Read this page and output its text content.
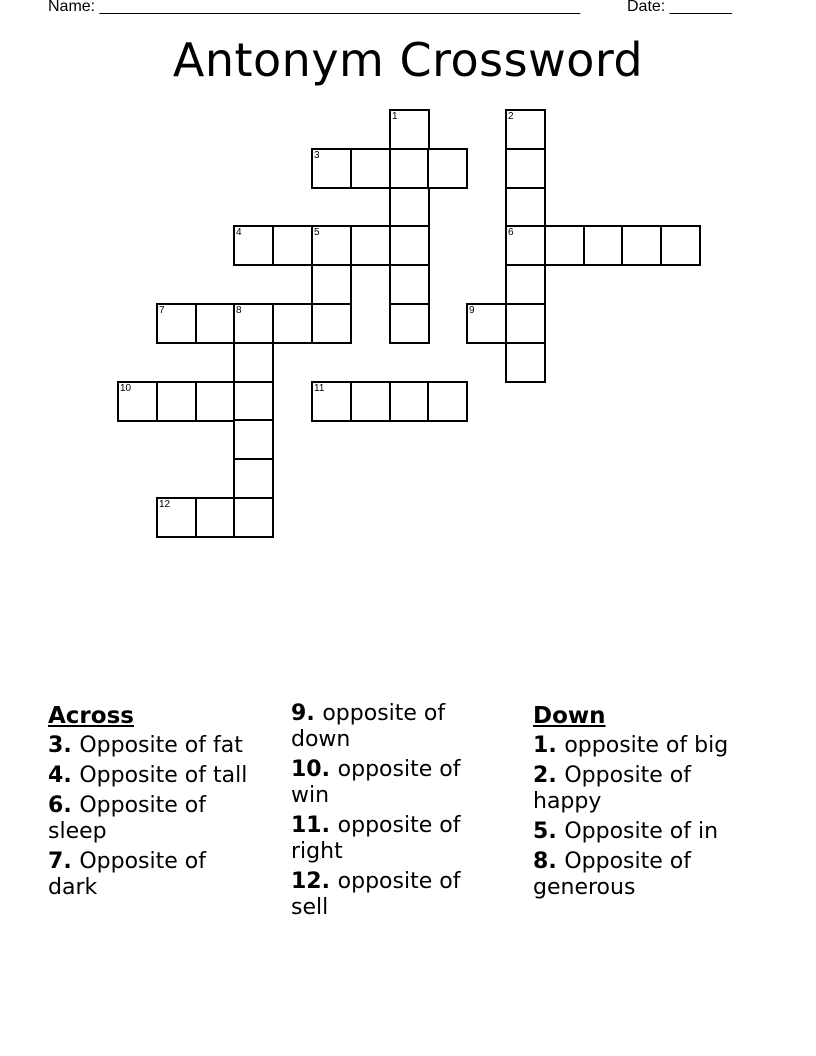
Name: ______________________________________________________	Date: _______
Antonym Crossword
1	2
3
4	5	6
7	8	9
10	11
12
Across
3. Opposite of fat
4. Opposite of tall
6. Opposite of sleep
7. Opposite of dark
9. opposite of down
10. opposite of win
11. opposite of right
12. opposite of sell
Down
1. opposite of big
2. Opposite of happy
5. Opposite of in
8. Opposite of generous
